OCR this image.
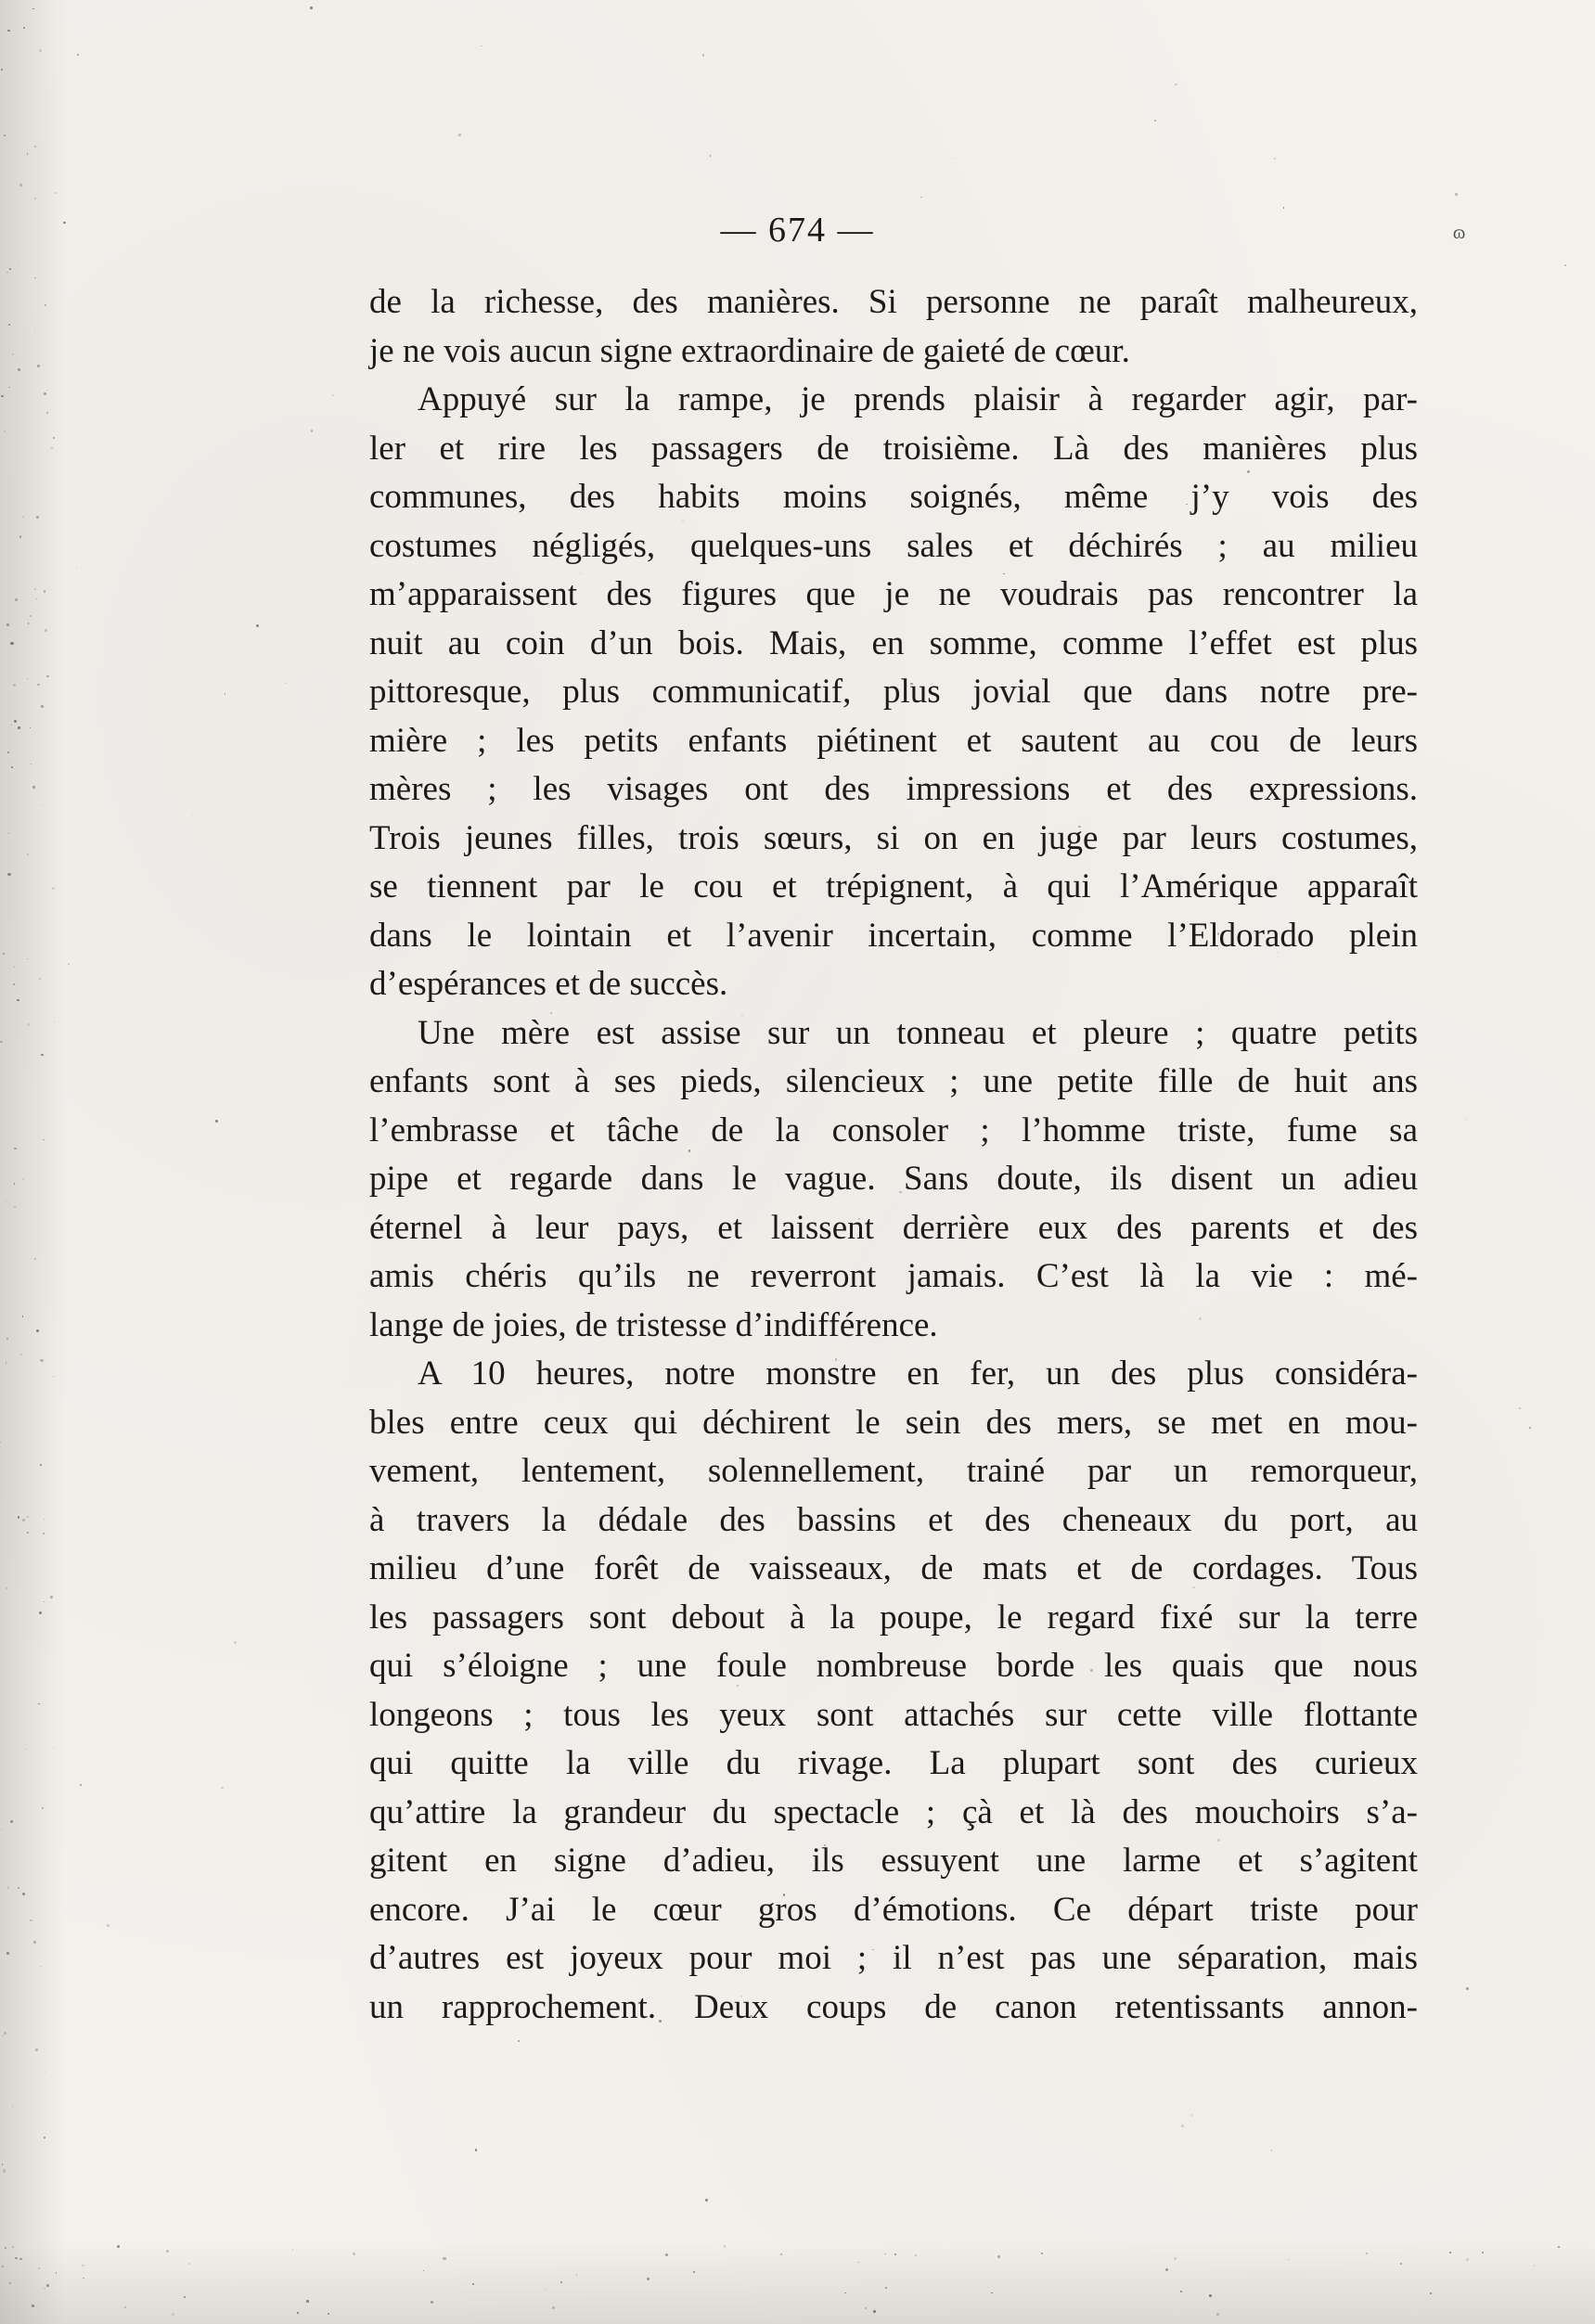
— 674 —	ɷ
de la richesse, des manières. Si personne ne paraît malheureux,
je ne vois aucun signe extraordinaire de gaieté de cœur.
Appuyé sur la rampe, je prends plaisir à regarder agir, par-
ler et rire les passagers de troisième. Là des manières plus
communes, des habits moins soignés, même j’y vois des
costumes négligés, quelques-uns sales et déchirés ; au milieu
m’apparaissent des figures que je ne voudrais pas rencontrer la
nuit au coin d’un bois. Mais, en somme, comme l’effet est plus
pittoresque, plus communicatif, plus jovial que dans notre pre-
mière ; les petits enfants piétinent et sautent au cou de leurs
mères ; les visages ont des impressions et des expressions.
Trois jeunes filles, trois sœurs, si on en juge par leurs costumes,
se tiennent par le cou et trépignent, à qui l’Amérique apparaît
dans le lointain et l’avenir incertain, comme l’Eldorado plein
d’espérances et de succès.
Une mère est assise sur un tonneau et pleure ; quatre petits
enfants sont à ses pieds, silencieux ; une petite fille de huit ans
l’embrasse et tâche de la consoler ; l’homme triste, fume sa
pipe et regarde dans le vague. Sans doute, ils disent un adieu
éternel à leur pays, et laissent derrière eux des parents et des
amis chéris qu’ils ne reverront jamais. C’est là la vie : mé-
lange de joies, de tristesse d’indifférence.
A 10 heures, notre monstre en fer, un des plus considéra-
bles entre ceux qui déchirent le sein des mers, se met en mou-
vement, lentement, solennellement, trainé par un remorqueur,
à travers la dédale des bassins et des cheneaux du port, au
milieu d’une forêt de vaisseaux, de mats et de cordages. Tous
les passagers sont debout à la poupe, le regard fixé sur la terre
qui s’éloigne ; une foule nombreuse borde les quais que nous
longeons ; tous les yeux sont attachés sur cette ville flottante
qui quitte la ville du rivage. La plupart sont des curieux
qu’attire la grandeur du spectacle ; çà et là des mouchoirs s’a-
gitent en signe d’adieu, ils essuyent une larme et s’agitent
encore. J’ai le cœur gros d’émotions. Ce départ triste pour
d’autres est joyeux pour moi ; il n’est pas une séparation, mais
un rapprochement. Deux coups de canon retentissants annon-
